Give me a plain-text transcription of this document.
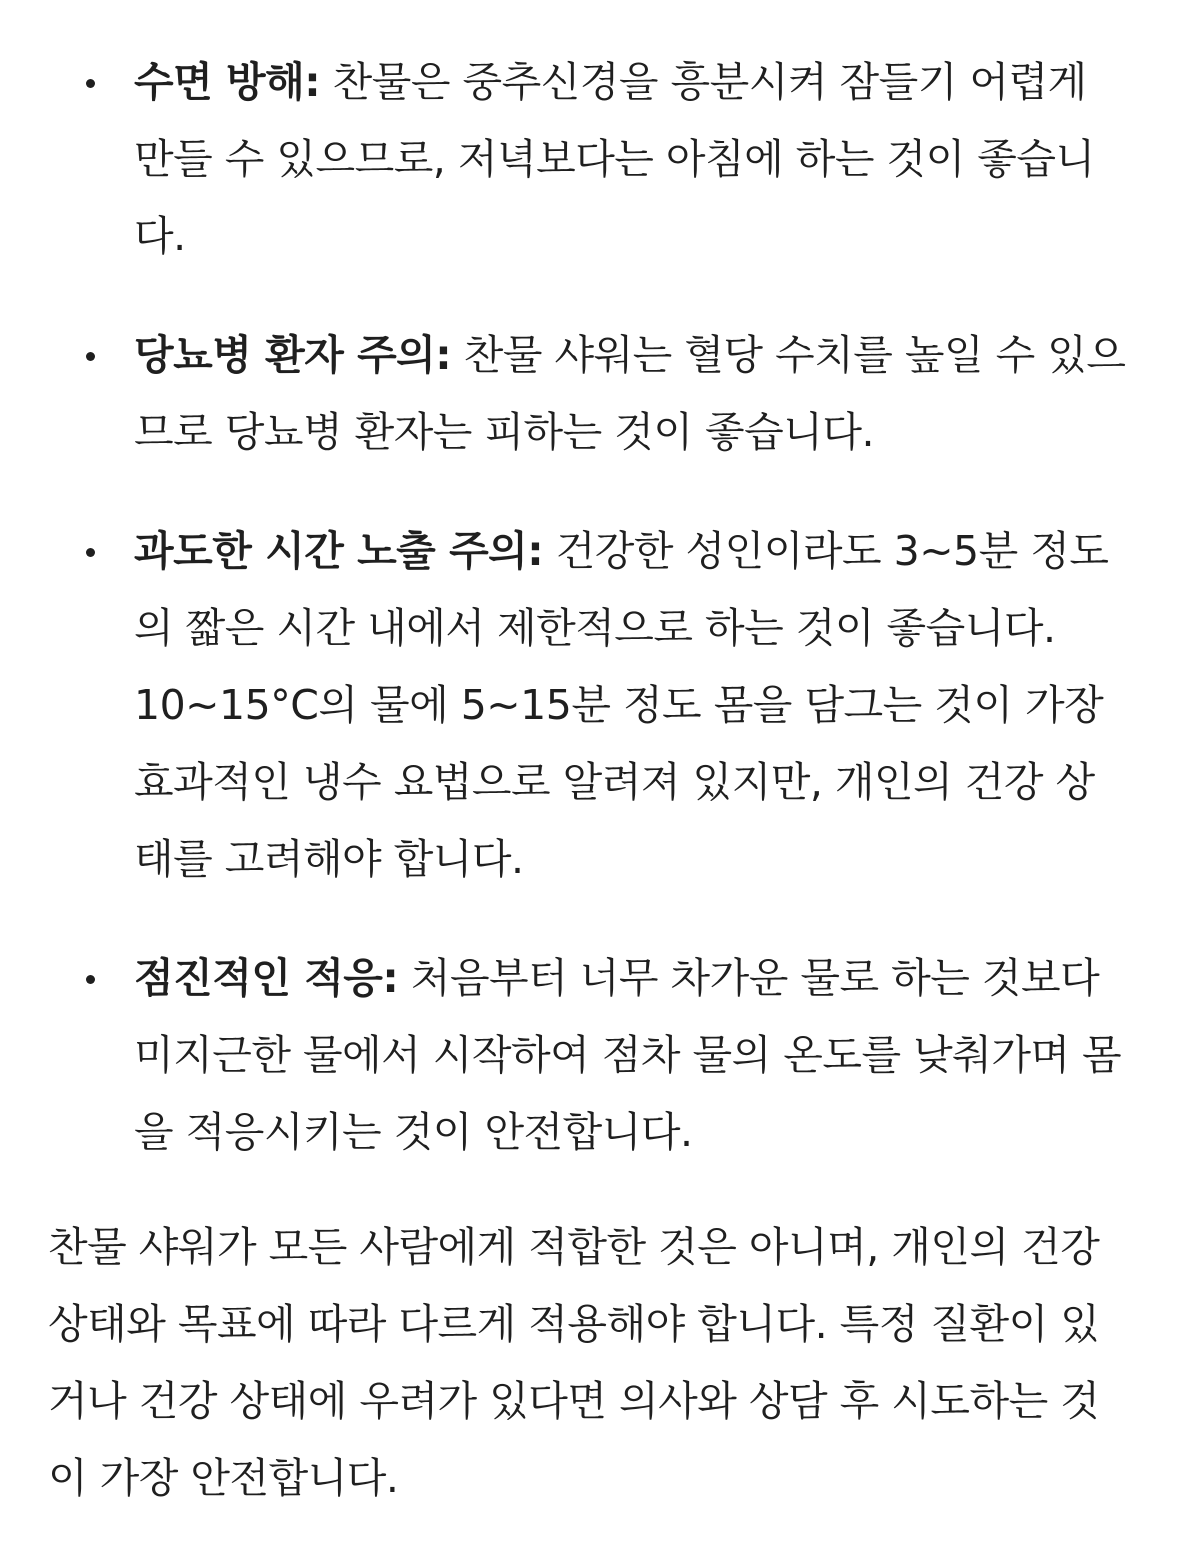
수면 방해: 찬물은 중추신경을 흥분시켜 잠들기 어렵게 만들 수 있으므로, 저녁보다는 아침에 하는 것이 좋습니다.
당뇨병 환자 주의: 찬물 샤워는 혈당 수치를 높일 수 있으므로 당뇨병 환자는 피하는 것이 좋습니다.
과도한 시간 노출 주의: 건강한 성인이라도 3~5분 정도의 짧은 시간 내에서 제한적으로 하는 것이 좋습니다. 10~15°C의 물에 5~15분 정도 몸을 담그는 것이 가장 효과적인 냉수 요법으로 알려져 있지만, 개인의 건강 상태를 고려해야 합니다.
점진적인 적응: 처음부터 너무 차가운 물로 하는 것보다 미지근한 물에서 시작하여 점차 물의 온도를 낮춰가며 몸을 적응시키는 것이 안전합니다.

찬물 샤워가 모든 사람에게 적합한 것은 아니며, 개인의 건강 상태와 목표에 따라 다르게 적용해야 합니다. 특정 질환이 있거나 건강 상태에 우려가 있다면 의사와 상담 후 시도하는 것이 가장 안전합니다.
